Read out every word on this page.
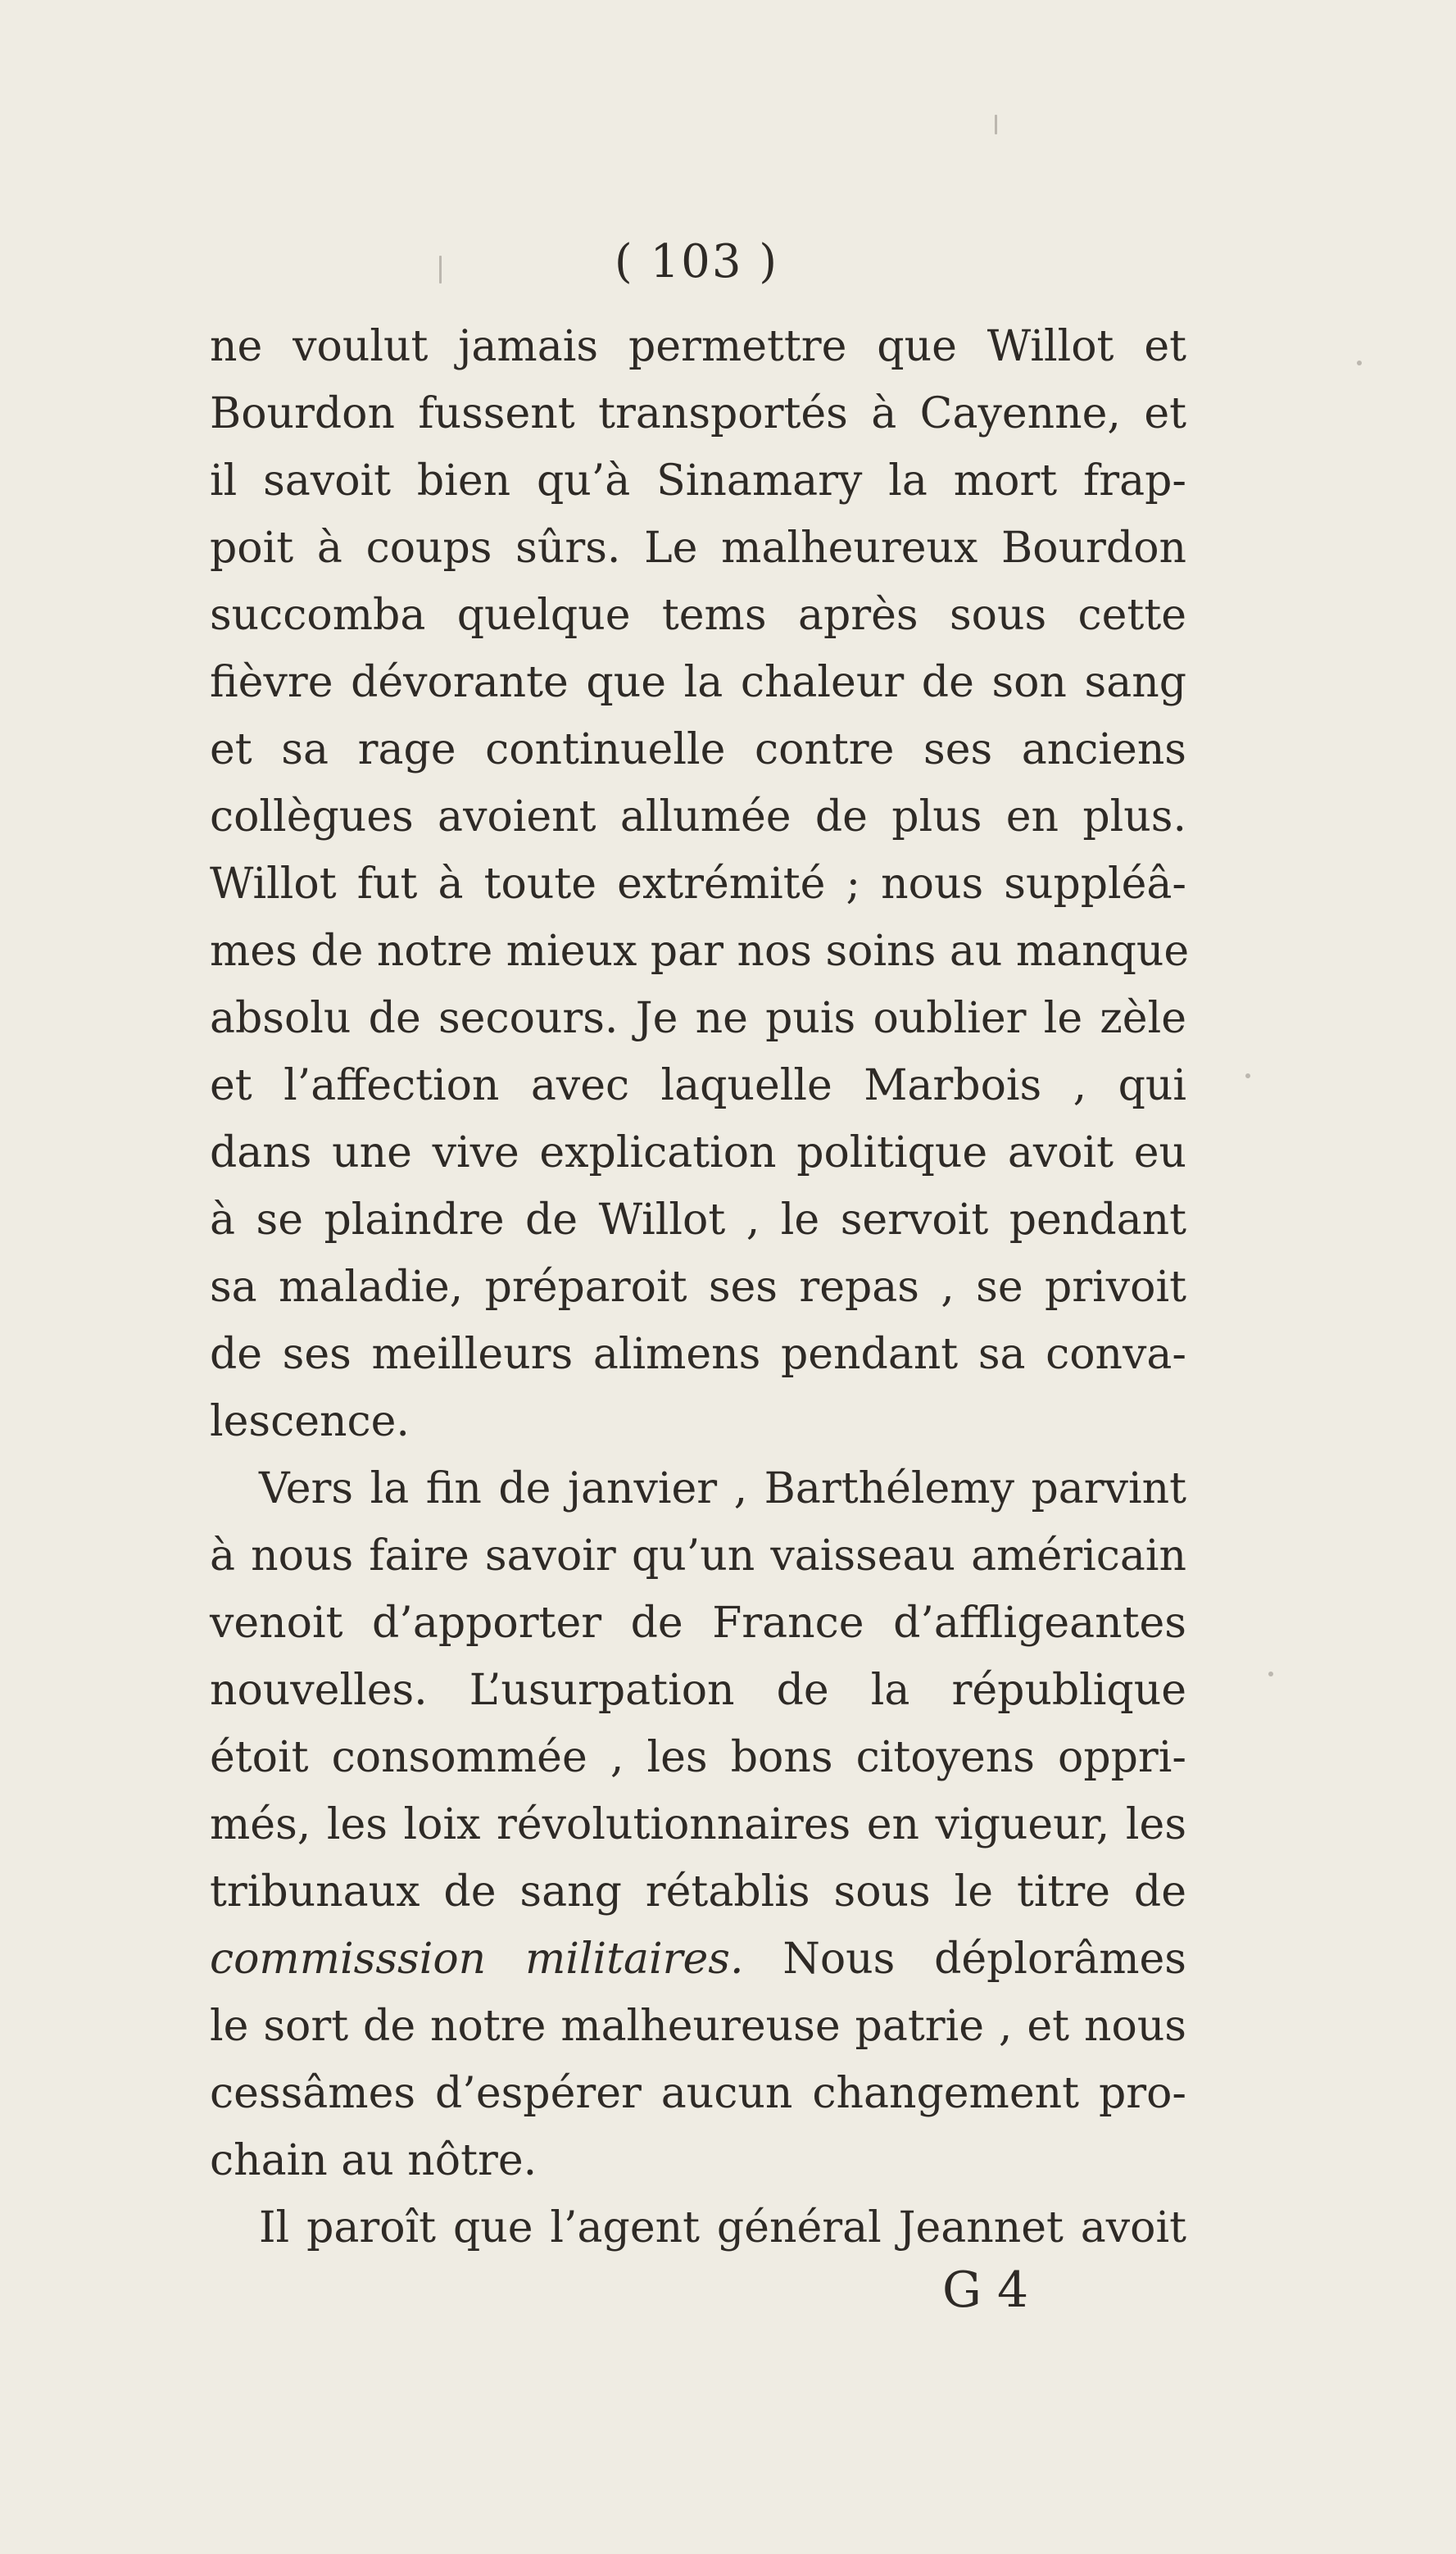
( 103 )
ne voulut jamais permettre que Willot et
Bourdon fussent transportés à Cayenne, et
il savoit bien qu’à Sinamary la mort frap-
poit à coups sûrs. Le malheureux Bourdon
succomba quelque tems après sous cette
fièvre dévorante que la chaleur de son sang
et sa rage continuelle contre ses anciens
collègues avoient allumée de plus en plus.
Willot fut à toute extrémité ; nous suppléâ-
mes de notre mieux par nos soins au manque
absolu de secours. Je ne puis oublier le zèle
et l’affection avec laquelle Marbois , qui
dans une vive explication politique avoit eu
à se plaindre de Willot , le servoit pendant
sa maladie, préparoit ses repas , se privoit
de ses meilleurs alimens pendant sa conva-
lescence.
Vers la fin de janvier , Barthélemy parvint
à nous faire savoir qu’un vaisseau américain
venoit d’apporter de France d’affligeantes
nouvelles. L’usurpation de la république
étoit consommée , les bons citoyens oppri-
més, les loix révolutionnaires en vigueur, les
tribunaux de sang rétablis sous le titre de
commisssion militaires. Nous déplorâmes
le sort de notre malheureuse patrie , et nous
cessâmes d’espérer aucun changement pro-
chain au nôtre.
Il paroît que l’agent général Jeannet avoit
G 4
